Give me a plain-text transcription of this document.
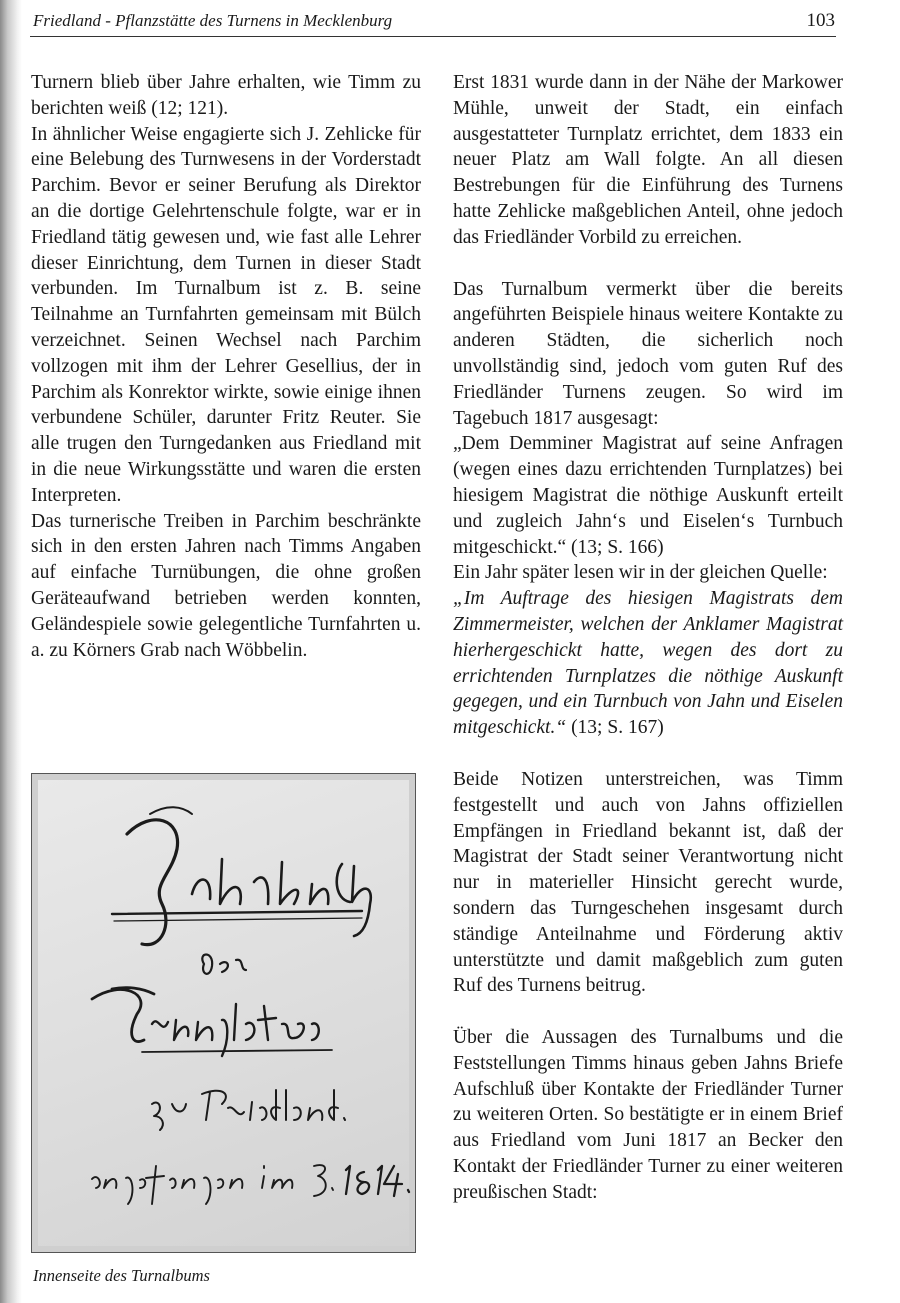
Friedland - Pflanzstätte des Turnens in Mecklenburg	103

Turnern blieb über Jahre erhalten, wie Timm zu berichten weiß (12; 121).

In ähnlicher Weise engagierte sich J. Zehlicke für eine Belebung des Turnwesens in der Vorderstadt Parchim. Bevor er seiner Berufung als Direktor an die dortige Gelehrtenschule folgte, war er in Friedland tätig gewesen und, wie fast alle Lehrer dieser Einrichtung, dem Turnen in dieser Stadt verbunden. Im Turnalbum ist z. B. seine Teilnahme an Turnfahrten gemeinsam mit Bülch verzeichnet. Seinen Wechsel nach Parchim vollzogen mit ihm der Lehrer Gesellius, der in Parchim als Konrektor wirkte, sowie einige ihnen verbundene Schüler, darunter Fritz Reuter. Sie alle trugen den Turngedanken aus Friedland mit in die neue Wirkungsstätte und waren die ersten Interpreten.

Das turnerische Treiben in Parchim beschränkte sich in den ersten Jahren nach Timms Angaben auf einfache Turnübungen, die ohne großen Geräteaufwand betrieben werden konnten, Geländespiele sowie gelegentliche Turnfahrten u. a. zu Körners Grab nach Wöbbelin.

Erst 1831 wurde dann in der Nähe der Markower Mühle, unweit der Stadt, ein einfach ausgestatteter Turnplatz errichtet, dem 1833 ein neuer Platz am Wall folgte. An all diesen Bestrebungen für die Einführung des Turnens hatte Zehlicke maßgeblichen Anteil, ohne jedoch das Friedländer Vorbild zu erreichen.

Das Turnalbum vermerkt über die bereits angeführten Beispiele hinaus weitere Kontakte zu anderen Städten, die sicherlich noch unvollständig sind, jedoch vom guten Ruf des Friedländer Turnens zeugen. So wird im Tagebuch 1817 ausgesagt:

„Dem Demminer Magistrat auf seine Anfragen (wegen eines dazu errichtenden Turnplatzes) bei hiesigem Magistrat die nöthige Auskunft erteilt und zugleich Jahn‘s und Eiselen‘s Turnbuch mitgeschickt.“ (13; S. 166)

Ein Jahr später lesen wir in der gleichen Quelle:

„Im Auftrage des hiesigen Magistrats dem Zimmermeister, welchen der Anklamer Magistrat hierhergeschickt hatte, wegen des dort zu errichtenden Turnplatzes die nöthige Auskunft gegegen, und ein Turnbuch von Jahn und Eiselen mitgeschickt.“ (13; S. 167)

Beide Notizen unterstreichen, was Timm festgestellt und auch von Jahns offiziellen Empfängen in Friedland bekannt ist, daß der Magistrat der Stadt seiner Verantwortung nicht nur in materieller Hinsicht gerecht wurde, sondern das Turngeschehen insgesamt durch ständige Anteilnahme und Förderung aktiv unterstützte und damit maßgeblich zum guten Ruf des Turnens beitrug.

Über die Aussagen des Turnalbums und die Feststellungen Timms hinaus geben Jahns Briefe Aufschluß über Kontakte der Friedländer Turner zu weiteren Orten. So bestätigte er in einem Brief aus Friedland vom Juni 1817 an Becker den Kontakt der Friedländer Turner zu einer weiteren preußischen Stadt:

Innenseite des Turnalbums
